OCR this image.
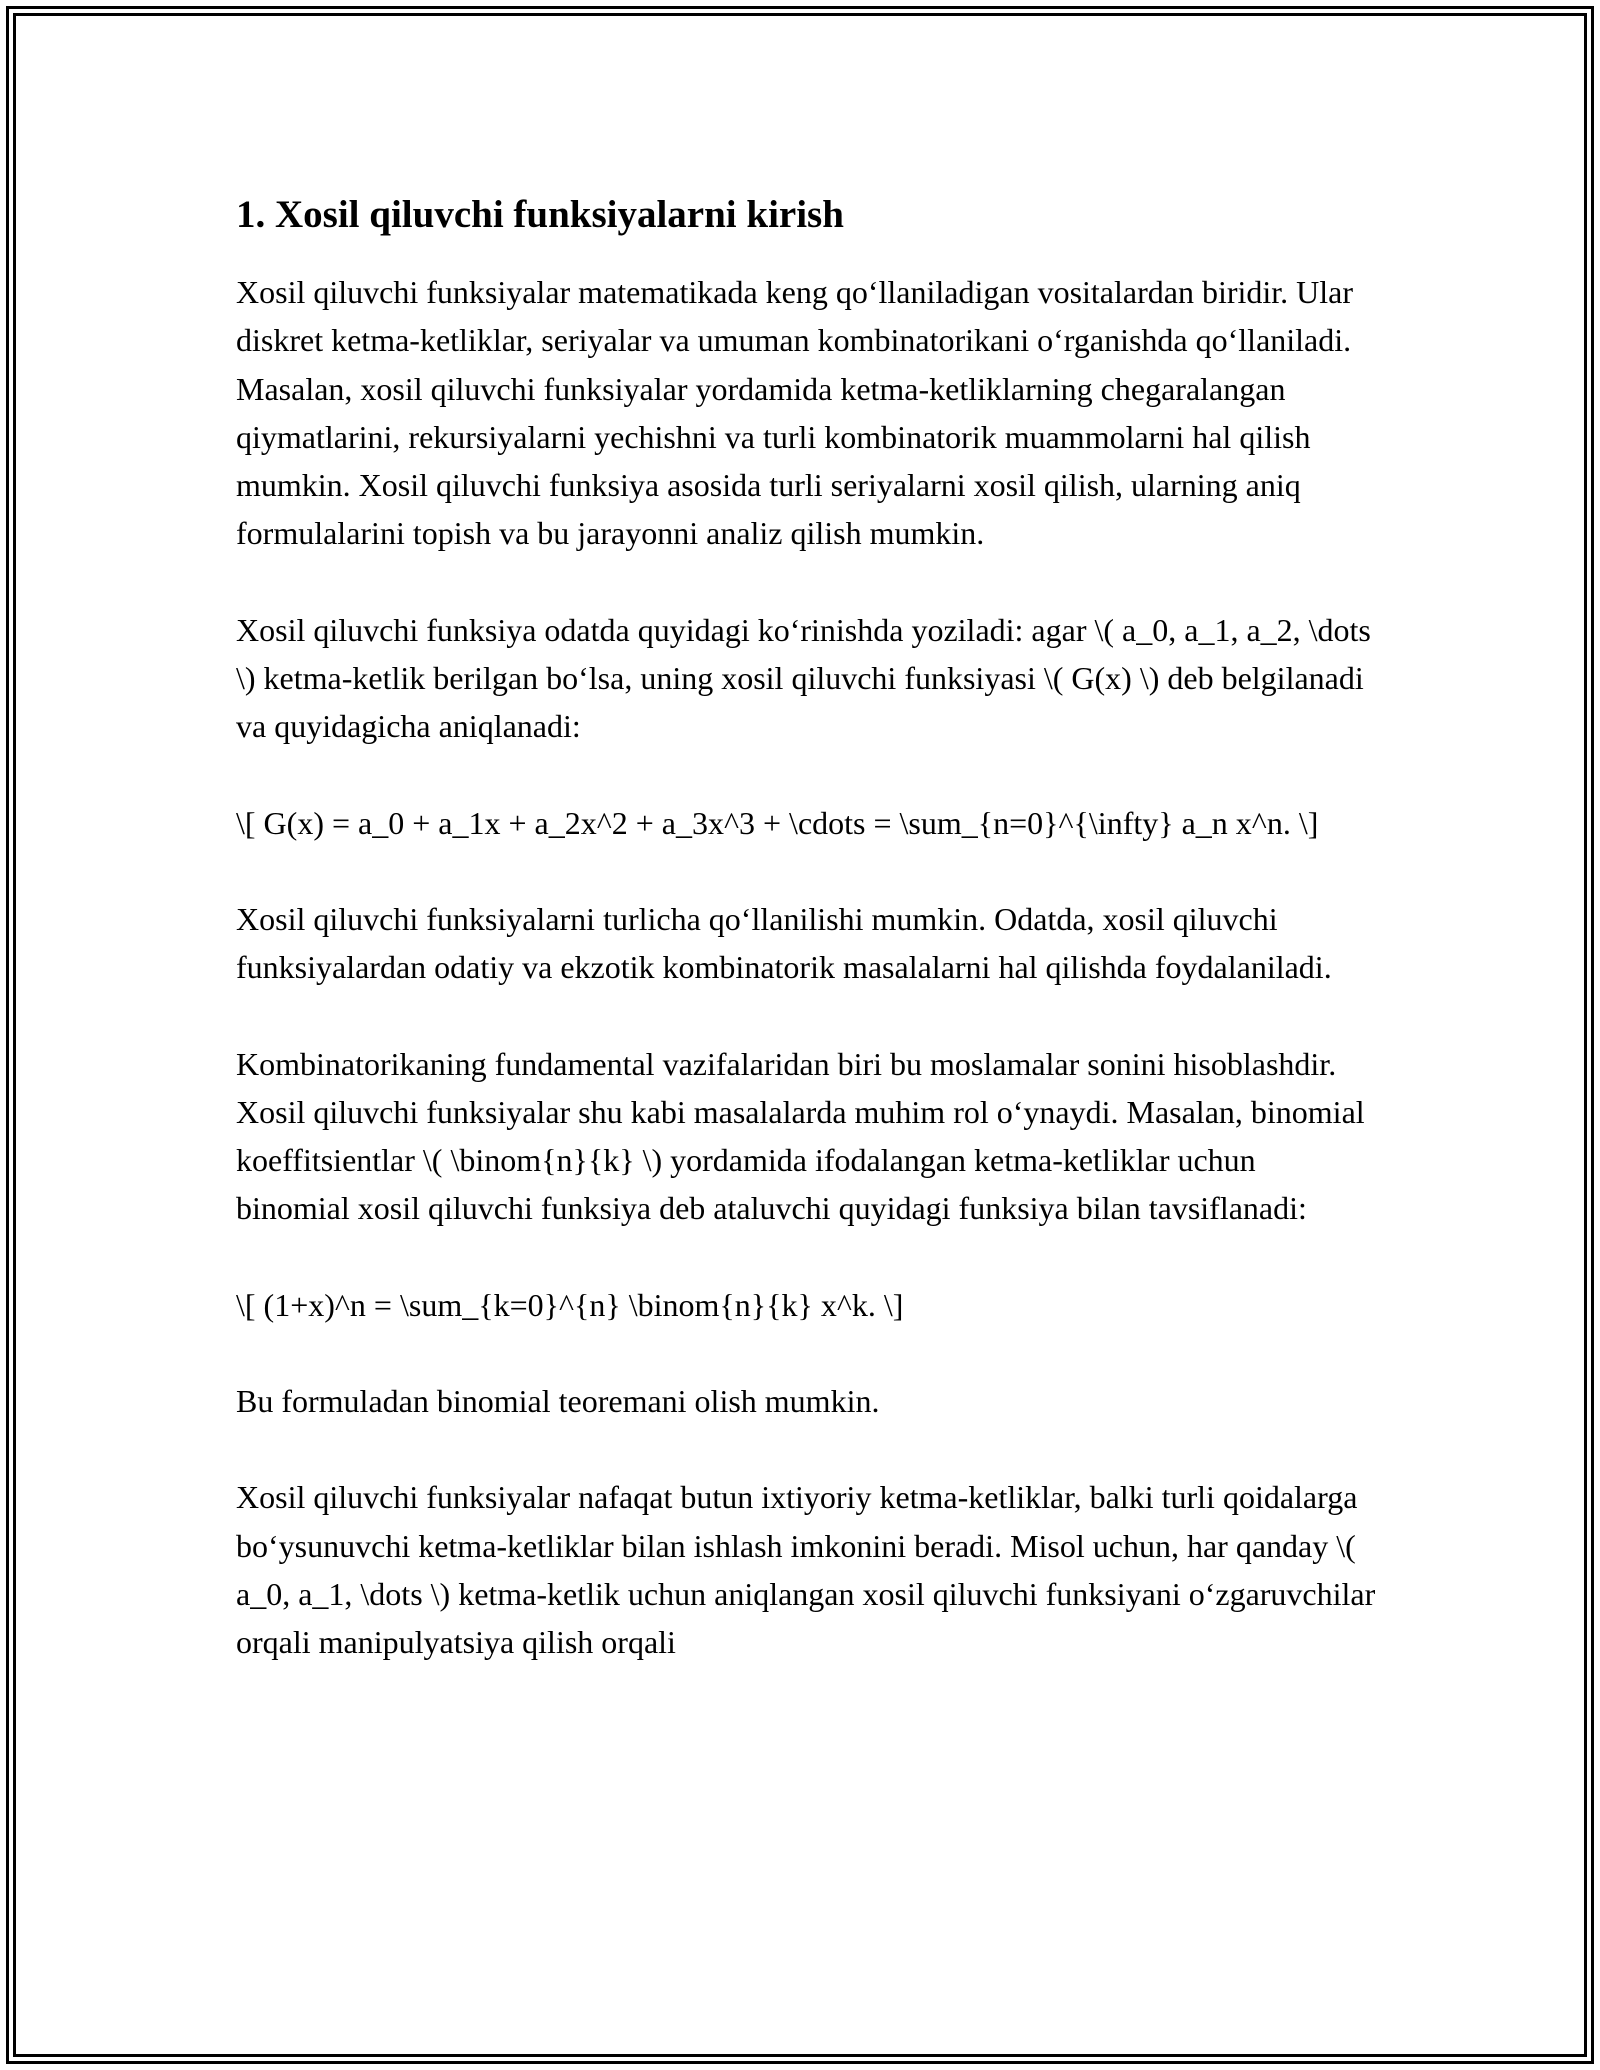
1. Xosil qiluvchi funksiyalarni kirish

Xosil qiluvchi funksiyalar matematikada keng qo‘llaniladigan vositalardan biridir. Ular diskret ketma-ketliklar, seriyalar va umuman kombinatorikani o‘rganishda qo‘llaniladi. Masalan, xosil qiluvchi funksiyalar yordamida ketma-ketliklarning chegaralangan qiymatlarini, rekursiyalarni yechishni va turli kombinatorik muammolarni hal qilish mumkin. Xosil qiluvchi funksiya asosida turli seriyalarni xosil qilish, ularning aniq formulalarini topish va bu jarayonni analiz qilish mumkin.

Xosil qiluvchi funksiya odatda quyidagi ko‘rinishda yoziladi: agar \( a_0, a_1, a_2, \dots \) ketma-ketlik berilgan bo‘lsa, uning xosil qiluvchi funksiyasi \( G(x) \) deb belgilanadi va quyidagicha aniqlanadi:

\[ G(x) = a_0 + a_1x + a_2x^2 + a_3x^3 + \cdots = \sum_{n=0}^{\infty} a_n x^n. \]

Xosil qiluvchi funksiyalarni turlicha qo‘llanilishi mumkin. Odatda, xosil qiluvchi funksiyalardan odatiy va ekzotik kombinatorik masalalarni hal qilishda foydalaniladi.

Kombinatorikaning fundamental vazifalaridan biri bu moslamalar sonini hisoblashdir. Xosil qiluvchi funksiyalar shu kabi masalalarda muhim rol o‘ynaydi. Masalan, binomial koeffitsientlar \( \binom{n}{k} \) yordamida ifodalangan ketma-ketliklar uchun binomial xosil qiluvchi funksiya deb ataluvchi quyidagi funksiya bilan tavsiflanadi:

\[ (1+x)^n = \sum_{k=0}^{n} \binom{n}{k} x^k. \]

Bu formuladan binomial teoremani olish mumkin.

Xosil qiluvchi funksiyalar nafaqat butun ixtiyoriy ketma-ketliklar, balki turli qoidalarga bo‘ysunuvchi ketma-ketliklar bilan ishlash imkonini beradi. Misol uchun, har qanday \( a_0, a_1, \dots \) ketma-ketlik uchun aniqlangan xosil qiluvchi funksiyani o‘zgaruvchilar orqali manipulyatsiya qilish orqali
